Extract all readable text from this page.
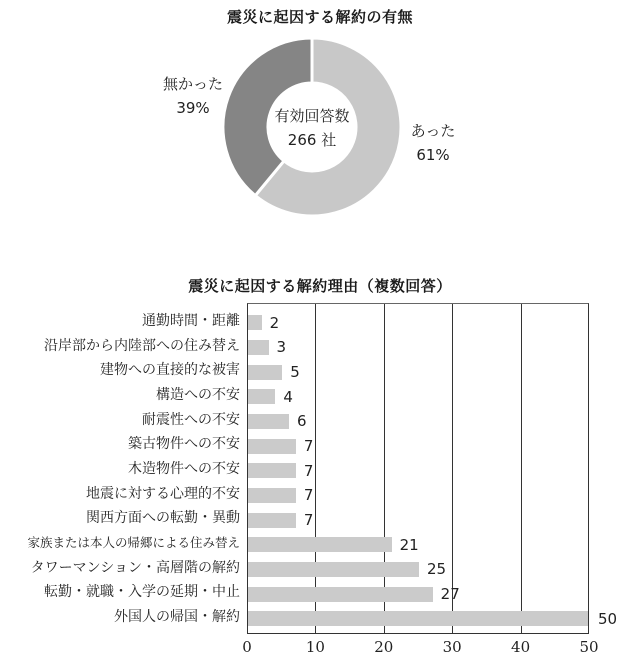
震災に起因する解約の有無
無かった
39%
あった
61%
有効回答数
266 社
震災に起因する解約理由（複数回答）
通勤時間・距離
沿岸部から内陸部への住み替え
建物への直接的な被害
構造への不安
耐震性への不安
築古物件への不安
木造物件への不安
地震に対する心理的不安
関西方面への転勤・異動
家族または本人の帰郷による住み替え
タワーマンション・高層階の解約
転勤・就職・入学の延期・中止
外国人の帰国・解約
2
3
5
4
6
7
7
7
7
21
25
27
50
0	10	20	30	40	50
